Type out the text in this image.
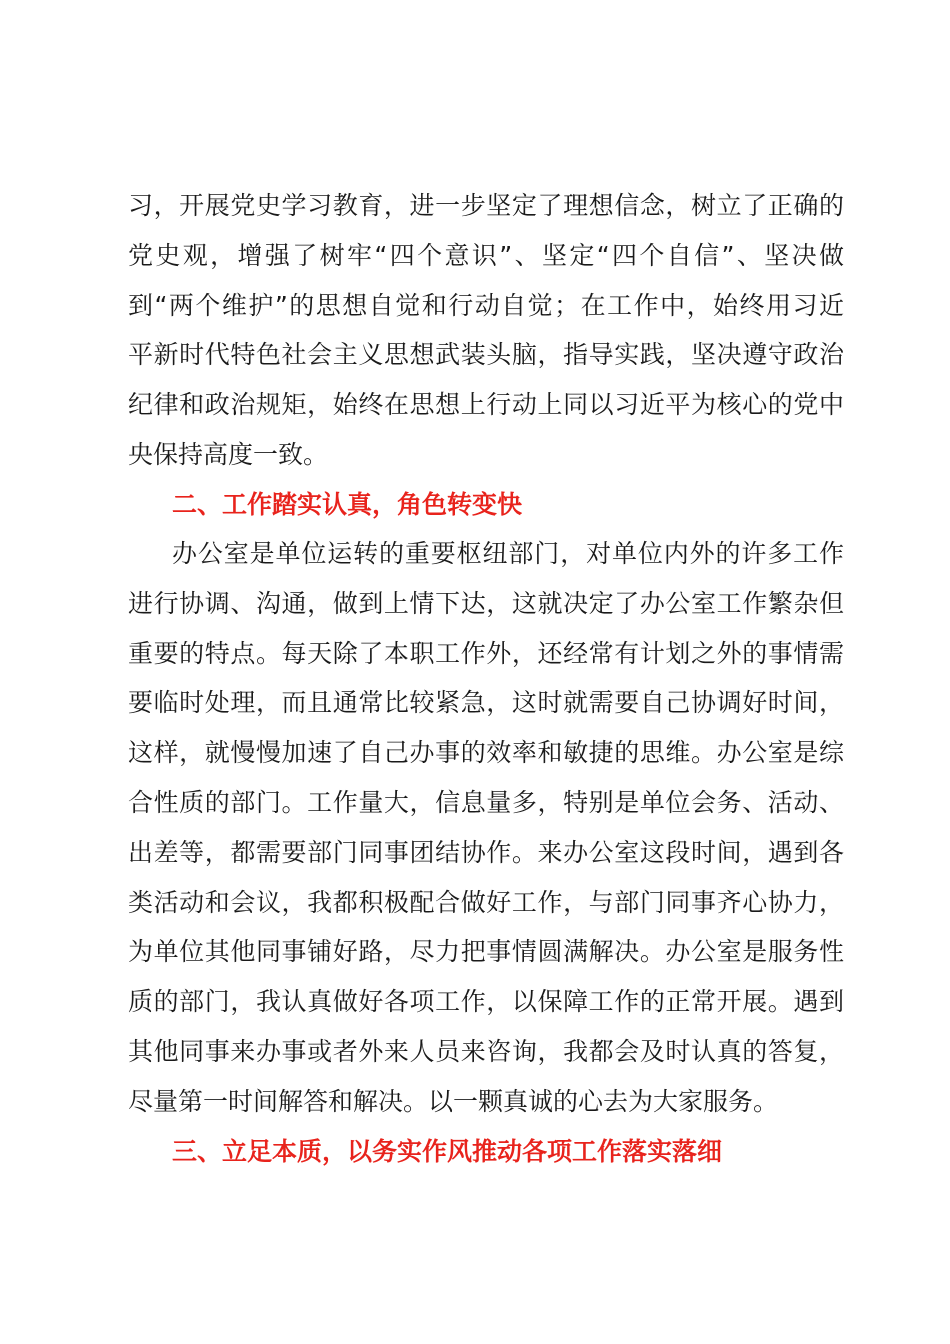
习，开展党史学习教育，进一步坚定了理想信念，树立了正确的
党史观，增强了树牢“四个意识”、坚定“四个自信”、坚决做
到“两个维护”的思想自觉和行动自觉；在工作中，始终用习近
平新时代特色社会主义思想武装头脑，指导实践，坚决遵守政治
纪律和政治规矩，始终在思想上行动上同以习近平为核心的党中
央保持高度一致。
二、工作踏实认真，角色转变快
办公室是单位运转的重要枢纽部门，对单位内外的许多工作
进行协调、沟通，做到上情下达，这就决定了办公室工作繁杂但
重要的特点。每天除了本职工作外，还经常有计划之外的事情需
要临时处理，而且通常比较紧急，这时就需要自己协调好时间，
这样，就慢慢加速了自己办事的效率和敏捷的思维。办公室是综
合性质的部门。工作量大，信息量多，特别是单位会务、活动、
出差等，都需要部门同事团结协作。来办公室这段时间，遇到各
类活动和会议，我都积极配合做好工作，与部门同事齐心协力，
为单位其他同事铺好路，尽力把事情圆满解决。办公室是服务性
质的部门，我认真做好各项工作，以保障工作的正常开展。遇到
其他同事来办事或者外来人员来咨询，我都会及时认真的答复，
尽量第一时间解答和解决。以一颗真诚的心去为大家服务。
三、立足本质，以务实作风推动各项工作落实落细
